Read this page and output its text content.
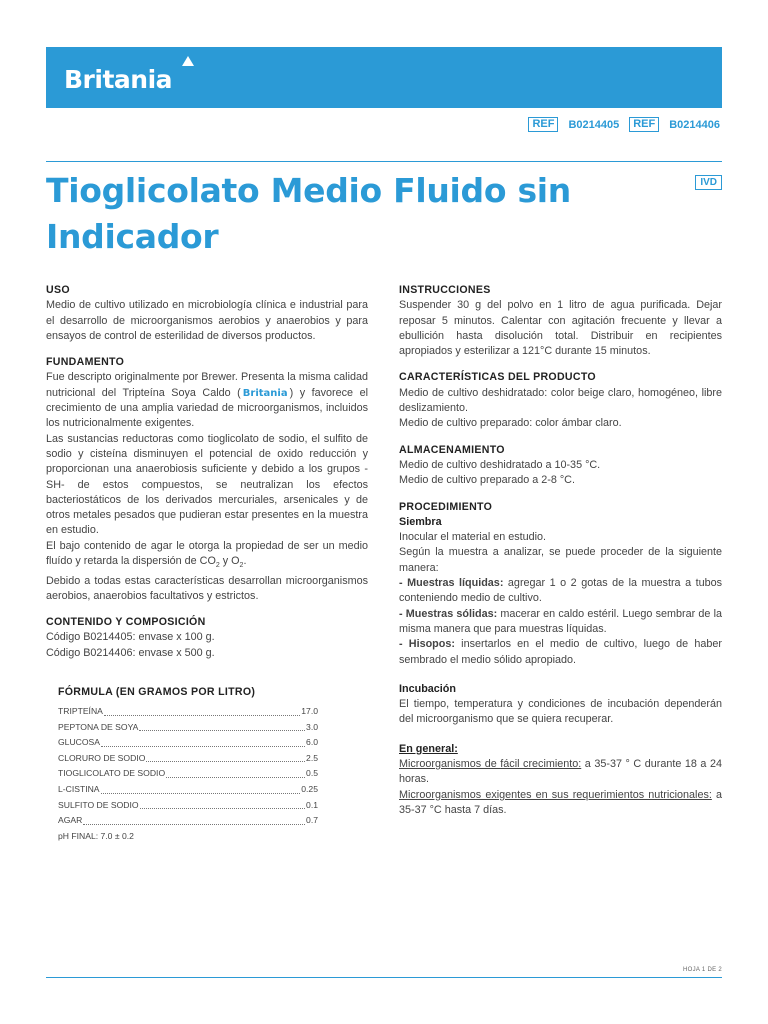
Britania
REF	B0214405	REF	B0214406
Tioglicolato Medio Fluido sin Indicador
IVD
USO

Medio de cultivo utilizado en microbiología clínica e industrial para el desarrollo de microorganismos aerobios y anaerobios y para ensayos de control de esterilidad de diversos productos.

FUNDAMENTO

Fue descripto originalmente por Brewer. Presenta la misma calidad nutricional del Tripteína Soya Caldo ( Britania ) y favorece el crecimiento de una amplia variedad de microorganismos, incluidos los nutricionalmente exigentes.

Las sustancias reductoras como tioglicolato de sodio, el sulfito de sodio y cisteína disminuyen el potencial de oxido reducción y proporcionan una anaerobiosis suficiente y debido a los grupos -SH- de estos compuestos, se neutralizan los efectos bacteriostáticos de los derivados mercuriales, arsenicales y de otros metales pesados que pudieran estar presentes en la muestra en estudio.

El bajo contenido de agar le otorga la propiedad de ser un medio fluído y retarda la dispersión de $CO_2$ y $O_2$.

Debido a todas estas características desarrollan microorganismos aerobios, anaerobios facultativos y estrictos.

CONTENIDO Y COMPOSICIÓN

Código B0214405: envase x 100 g.

Código B0214406: envase x 500 g.

FÓRMULA (EN GRAMOS POR LITRO)
TRIPTEÍNA	17.0
PEPTONA DE SOYA	3.0
GLUCOSA	6.0
CLORURO DE SODIO	2.5
TIOGLICOLATO DE SODIO	0.5
L-CISTINA	0.25
SULFITO DE SODIO	0.1
AGAR	0.7
pH FINAL: 7.0 ± 0.2
INSTRUCCIONES

Suspender 30 g del polvo en 1 litro de agua purificada. Dejar reposar 5 minutos. Calentar con agitación frecuente y llevar a ebullición hasta disolución total. Distribuir en recipientes apropiados y esterilizar a 121°C durante 15 minutos.

CARACTERÍSTICAS DEL PRODUCTO

Medio de cultivo deshidratado: color beige claro, homogéneo, libre deslizamiento.

Medio de cultivo preparado: color ámbar claro.

ALMACENAMIENTO

Medio de cultivo deshidratado a 10-35 °C.

Medio de cultivo preparado a 2-8 °C.

PROCEDIMIENTO
Siembra

Inocular el material en estudio.

Según la muestra a analizar, se puede proceder de la siguiente manera:

- Muestras líquidas: agregar 1 o 2 gotas de la muestra a tubos conteniendo medio de cultivo.

- Muestras sólidas: macerar en caldo estéril. Luego sembrar de la misma manera que para muestras líquidas.

- Hisopos: insertarlos en el medio de cultivo, luego de haber sembrado el medio sólido apropiado.

Incubación

El tiempo, temperatura y condiciones de incubación dependerán del microorganismo que se quiera recuperar.

En general:

Microorganismos de fácil crecimiento: a 35-37 ° C durante 18 a 24 horas.

Microorganismos exigentes en sus requerimientos nutricionales: a 35-37 °C hasta 7 días.

HOJA 1 DE 2
